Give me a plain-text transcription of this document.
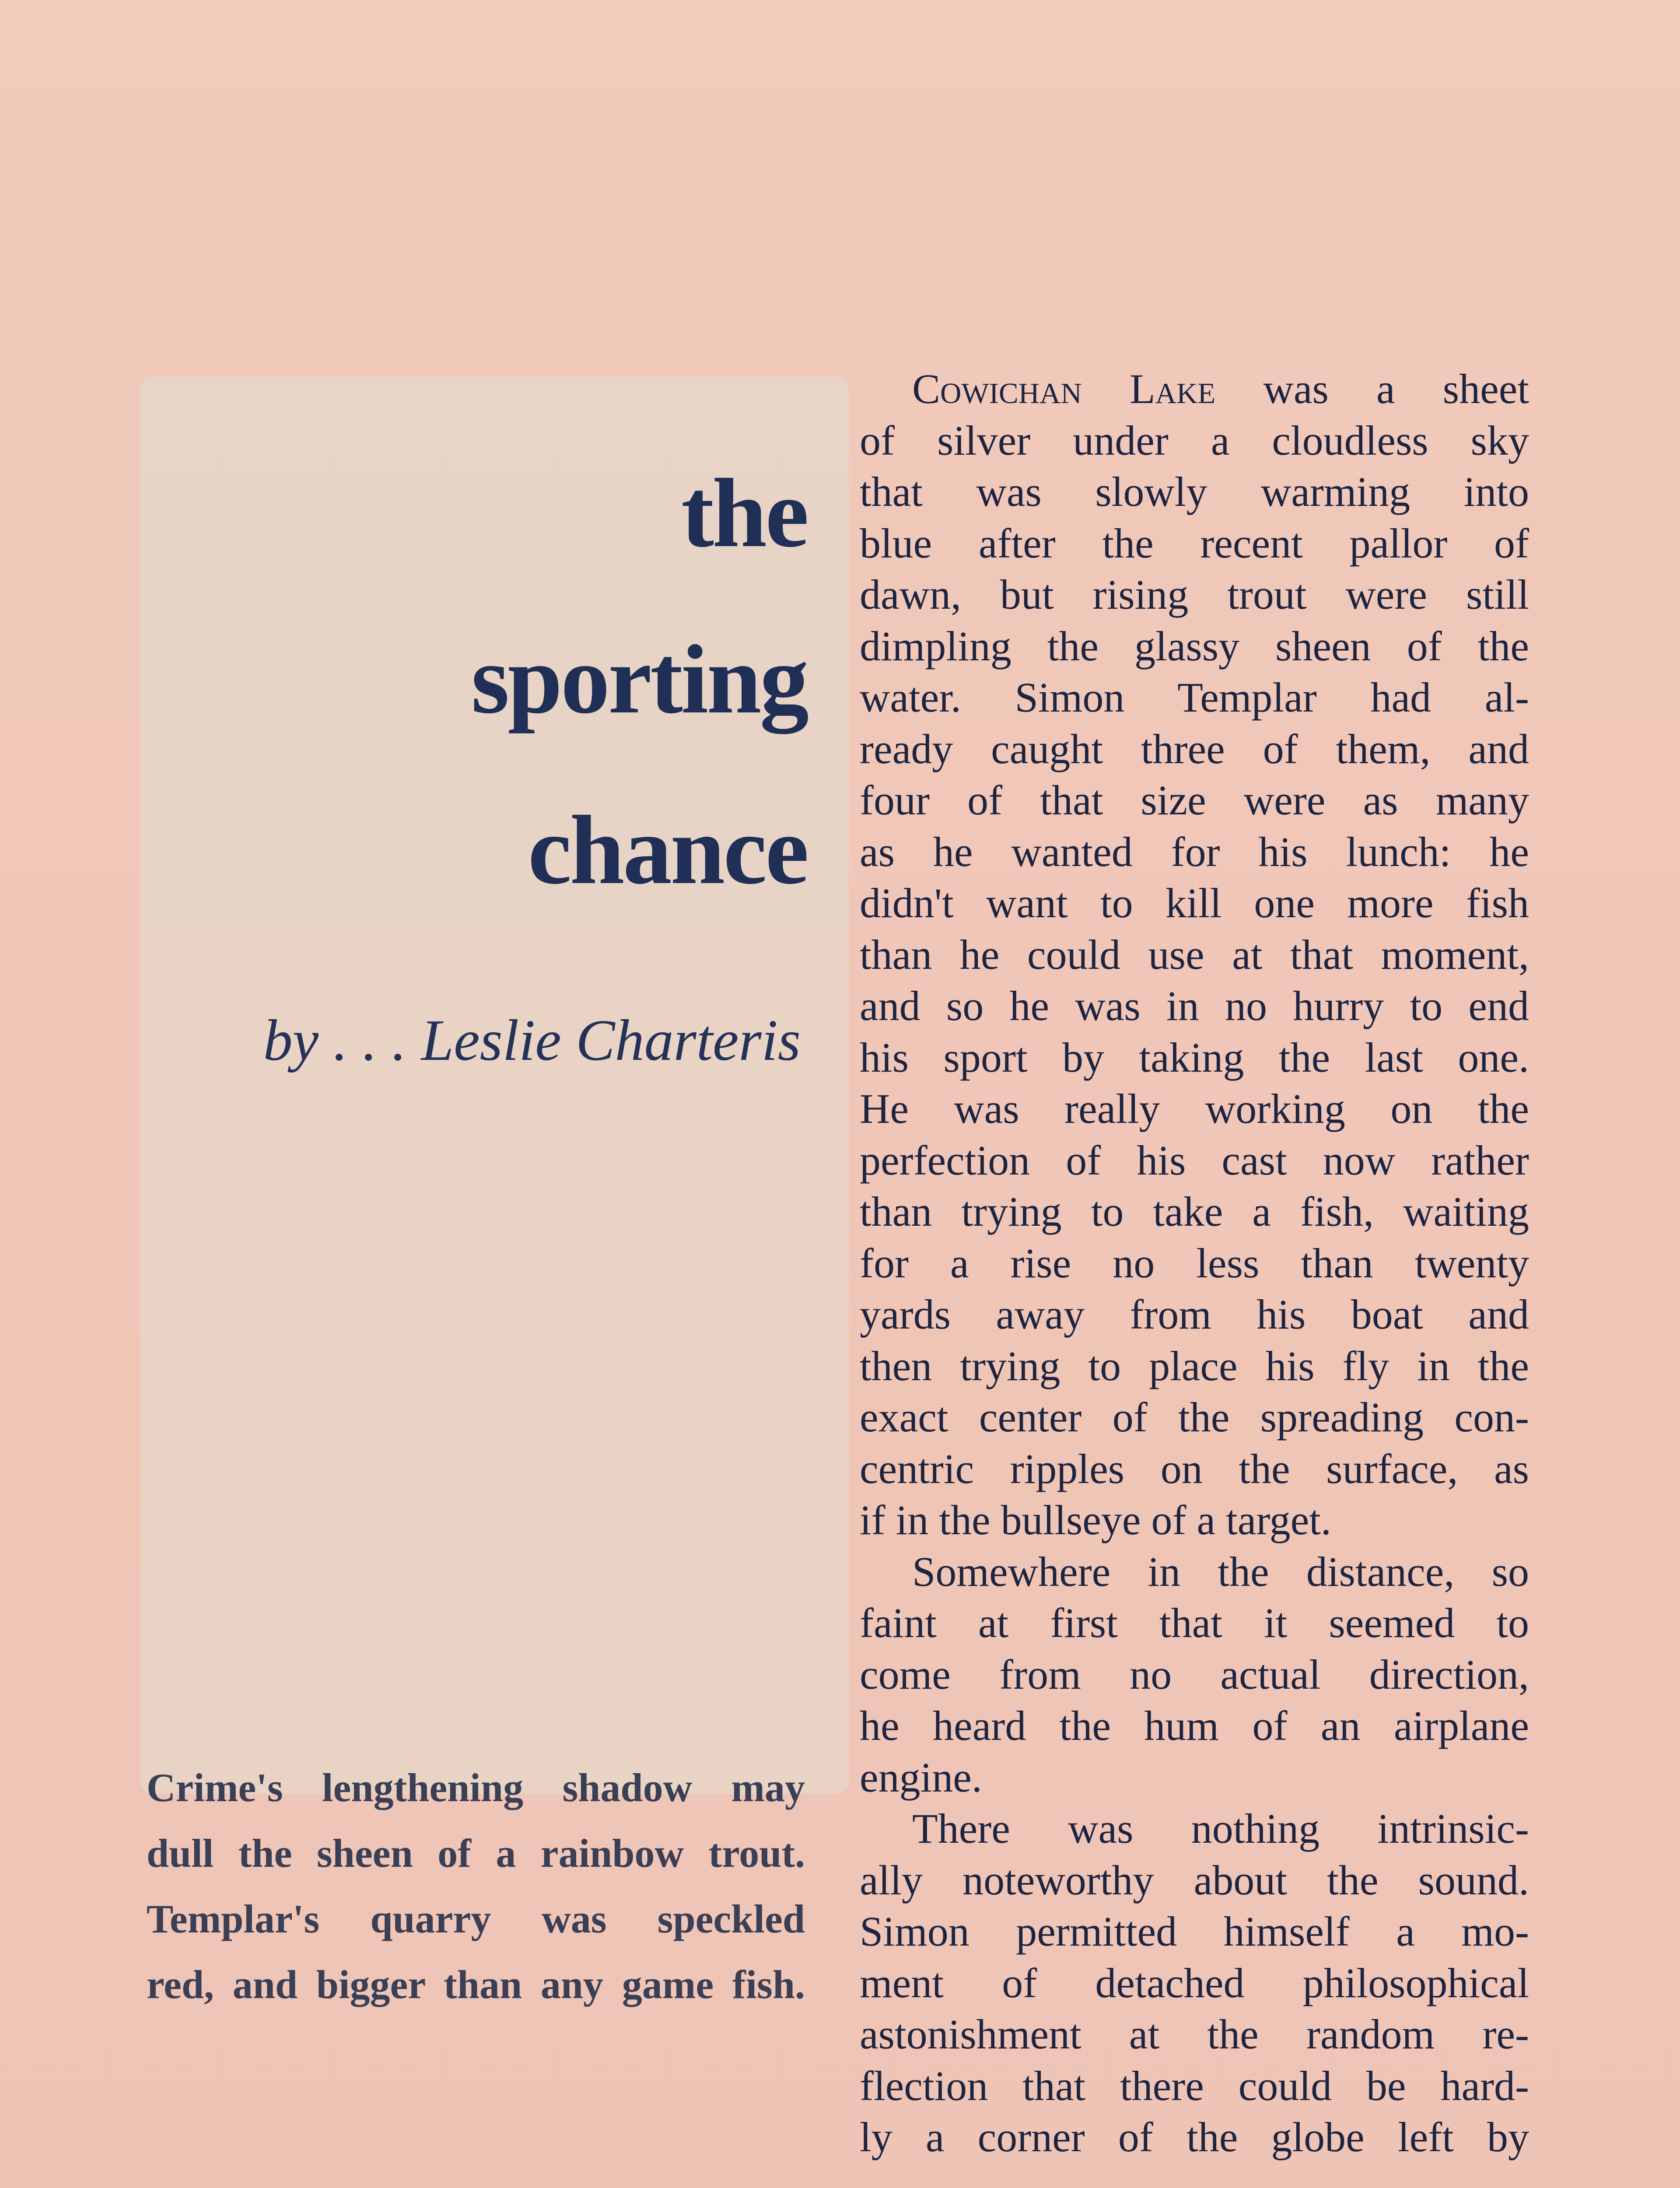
the
sporting
chance
by . . . Leslie Charteris
Crime's lengthening shadow may
dull the sheen of a rainbow trout.
Templar's quarry was speckled
red, and bigger than any game fish.
Cowichan Lake was a sheet
of silver under a cloudless sky
that was slowly warming into
blue after the recent pallor of
dawn, but rising trout were still
dimpling the glassy sheen of the
water. Simon Templar had al-
ready caught three of them, and
four of that size were as many
as he wanted for his lunch: he
didn't want to kill one more fish
than he could use at that moment,
and so he was in no hurry to end
his sport by taking the last one.
He was really working on the
perfection of his cast now rather
than trying to take a fish, waiting
for a rise no less than twenty
yards away from his boat and
then trying to place his fly in the
exact center of the spreading con-
centric ripples on the surface, as
if in the bullseye of a target.
Somewhere in the distance, so
faint at first that it seemed to
come from no actual direction,
he heard the hum of an airplane
engine.
There was nothing intrinsic-
ally noteworthy about the sound.
Simon permitted himself a mo-
ment of detached philosophical
astonishment at the random re-
flection that there could be hard-
ly a corner of the globe left by
